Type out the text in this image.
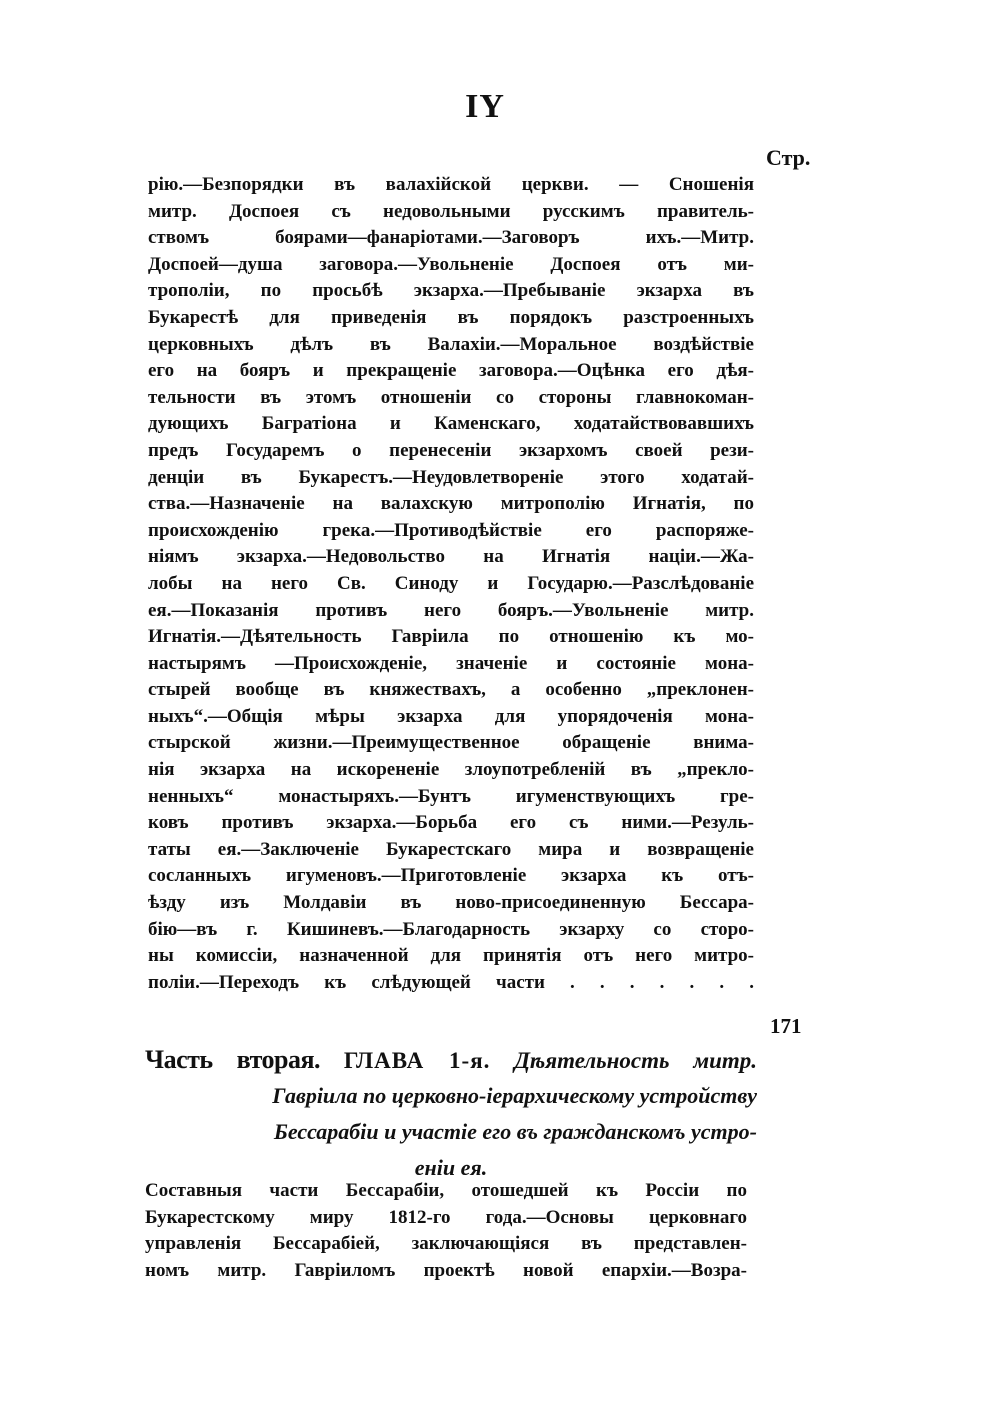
IY
Стр.
рію.—Безпорядки въ валахійской церкви. — Сношенія
митр. Доспоея съ недовольными русскимъ правитель-
ствомъ боярами—фанаріотами.—Заговоръ ихъ.—Митр.
Доспоей—душа заговора.—Увольненіе Доспоея отъ ми-
трополіи, по просьбѣ экзарха.—Пребываніе экзарха въ
Букарестѣ для приведенія въ порядокъ разстроенныхъ
церковныхъ дѣлъ въ Валахіи.—Моральное воздѣйствіе
его на бояръ и прекращеніе заговора.—Оцѣнка его дѣя-
тельности въ этомъ отношеніи со стороны главнокоман-
дующихъ Багратіона и Каменскаго, ходатайствовавшихъ
предъ Государемъ о перенесеніи экзархомъ своей рези-
денціи въ Букарестъ.—Неудовлетвореніе этого ходатай-
ства.—Назначеніе на валахскую митрополію Игнатія, по
происхожденію грека.—Противодѣйствіе его распоряже-
ніямъ экзарха.—Недовольство на Игнатія націи.—Жа-
лобы на него Св. Синоду и Государю.—Разслѣдованіе
ея.—Показанія противъ него бояръ.—Увольненіе митр.
Игнатія.—Дѣятельность Гавріила по отношенію къ мо-
настырямъ —Происхожденіе, значеніе и состояніе мона-
стырей вообще въ княжествахъ, а особенно „преклонен-
ныхъ“.—Общія мѣры экзарха для упорядоченія мона-
стырской жизни.—Преимущественное обращеніе внима-
нія экзарха на искорененіе злоупотребленій въ „преклo-
ненныхъ“ монастыряхъ.—Бунтъ игуменствующихъ гре-
ковъ противъ экзарха.—Борьба его съ ними.—Резуль-
таты ея.—Заключеніе Букарестскаго мира и возвращеніе
сосланныхъ игуменовъ.—Приготовленіе экзарха къ отъ-
ѣзду изъ Молдавіи въ ново-присоединенную Бессара-
бію—въ г. Кишиневъ.—Благодарность экзарху со сторо-
ны комиссіи, назначенной для принятія отъ него митро-
поліи.—Переходъ къ слѣдующей части . . . . . . .
171
Часть вторая. ГЛАВА 1-я. Дѣятельность митр.
Гавріила по церковно-іерархическому устройству
Бессарабіи и участіе его въ гражданскомъ устро-
еніи ея.
Составныя части Бессарабіи, отошедшей къ Россіи по
Букарестскому миру 1812-го года.—Основы церковнаго
управленія Бессарабіей, заключающіяся въ представлен-
номъ митр. Гавріиломъ проектѣ новой епархіи.—Возра-
